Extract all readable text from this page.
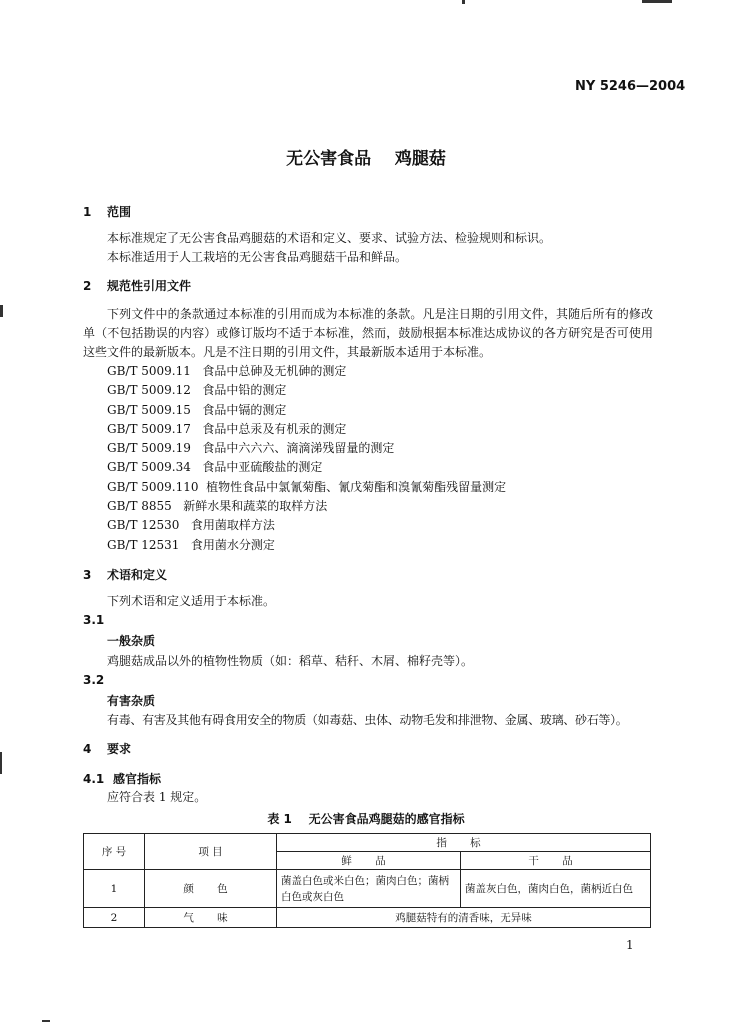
NY 5246—2004
无公害食品    鸡腿菇
1 范围
本标准规定了无公害食品鸡腿菇的术语和定义、要求、试验方法、检验规则和标识。
本标准适用于人工栽培的无公害食品鸡腿菇干品和鲜品。
2 规范性引用文件
下列文件中的条款通过本标准的引用而成为本标准的条款。凡是注日期的引用文件，其随后所有的修改单（不包括勘误的内容）或修订版均不适于本标准，然而，鼓励根据本标准达成协议的各方研究是否可使用这些文件的最新版本。凡是不注日期的引用文件，其最新版本适用于本标准。
GB/T 5009.11   食品中总砷及无机砷的测定
GB/T 5009.12   食品中铅的测定
GB/T 5009.15   食品中镉的测定
GB/T 5009.17   食品中总汞及有机汞的测定
GB/T 5009.19   食品中六六六、滴滴涕残留量的测定
GB/T 5009.34   食品中亚硫酸盐的测定
GB/T 5009.110  植物性食品中氯氰菊酯、氰戊菊酯和溴氰菊酯残留量测定
GB/T 8855   新鲜水果和蔬菜的取样方法
GB/T 12530   食用菌取样方法
GB/T 12531   食用菌水分测定
3 术语和定义
下列术语和定义适用于本标准。
3.1
一般杂质
鸡腿菇成品以外的植物性物质（如：稻草、秸秆、木屑、棉籽壳等）。
3.2
有害杂质
有毒、有害及其他有碍食用安全的物质（如毒菇、虫体、动物毛发和排泄物、金属、玻璃、砂石等）。
4 要求
4.1 感官指标
应符合表 1 规定。
表 1    无公害食品鸡腿菇的感官指标
序 号	项 目	指 标	
		鲜 品	干 品
1	颜 色	菌盖白色或米白色；菌肉白色；菌柄白色或灰白色	菌盖灰白色，菌肉白色，菌柄近白色
2	气 味	鸡腿菇特有的清香味，无异味	
1
